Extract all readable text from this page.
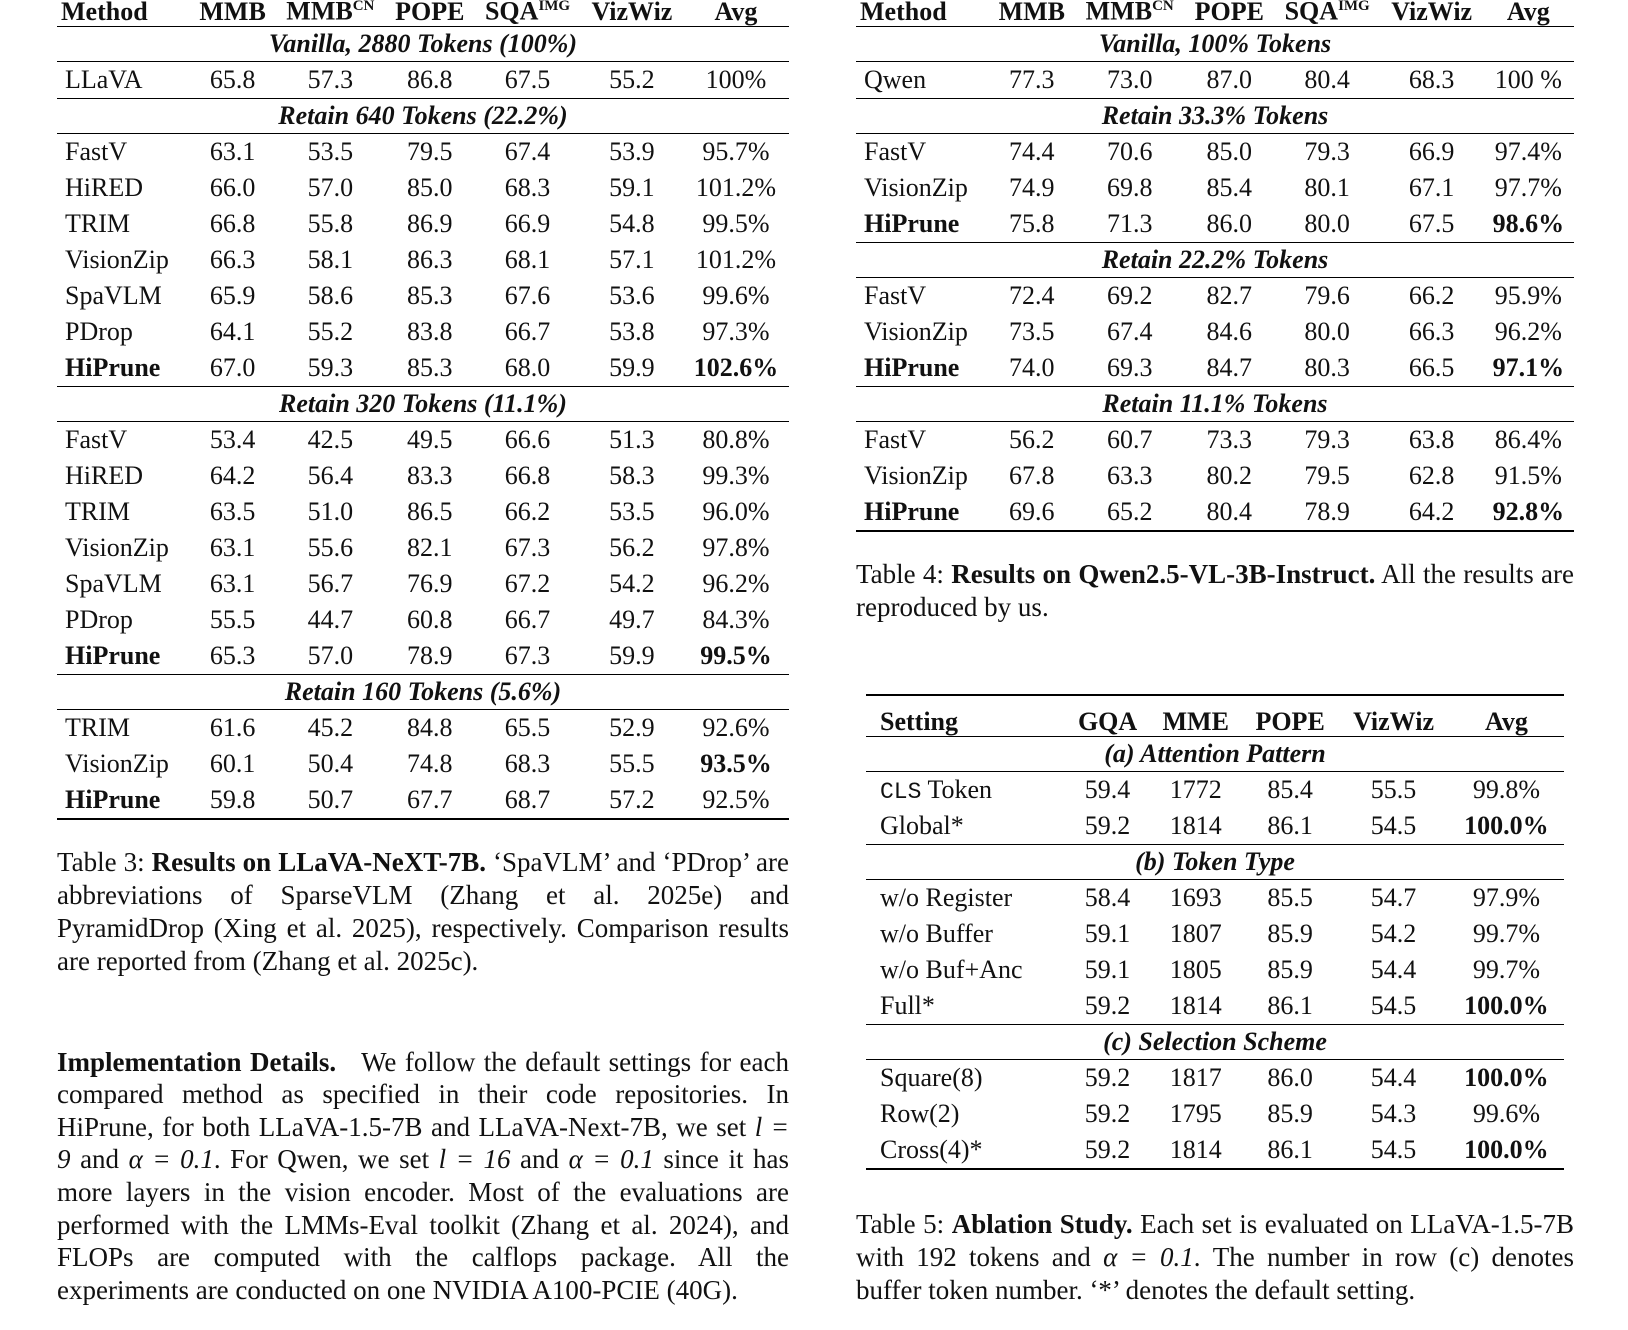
Method	MMB	$MMB^{CN}$	POPE	$SQA^{IMG}$	VizWiz	Avg
Vanilla, 2880 Tokens (100%)						
LLaVA	65.8	57.3	86.8	67.5	55.2	100%
Retain 640 Tokens (22.2%)						
FastV	63.1	53.5	79.5	67.4	53.9	95.7%
HiRED	66.0	57.0	85.0	68.3	59.1	101.2%
TRIM	66.8	55.8	86.9	66.9	54.8	99.5%
VisionZip	66.3	58.1	86.3	68.1	57.1	101.2%
SpaVLM	65.9	58.6	85.3	67.6	53.6	99.6%
PDrop	64.1	55.2	83.8	66.7	53.8	97.3%
HiPrune	67.0	59.3	85.3	68.0	59.9	102.6%
Retain 320 Tokens (11.1%)						
FastV	53.4	42.5	49.5	66.6	51.3	80.8%
HiRED	64.2	56.4	83.3	66.8	58.3	99.3%
TRIM	63.5	51.0	86.5	66.2	53.5	96.0%
VisionZip	63.1	55.6	82.1	67.3	56.2	97.8%
SpaVLM	63.1	56.7	76.9	67.2	54.2	96.2%
PDrop	55.5	44.7	60.8	66.7	49.7	84.3%
HiPrune	65.3	57.0	78.9	67.3	59.9	99.5%
Retain 160 Tokens (5.6%)						
TRIM	61.6	45.2	84.8	65.5	52.9	92.6%
VisionZip	60.1	50.4	74.8	68.3	55.5	93.5%
HiPrune	59.8	50.7	67.7	68.7	57.2	92.5%
Table 3: Results on LLaVA-NeXT-7B. ‘SpaVLM’ and ‘PDrop’ are abbreviations of SparseVLM (Zhang et al. 2025e) and PyramidDrop (Xing et al. 2025), respectively. Comparison results are reported from (Zhang et al. 2025c).
Implementation Details. We follow the default settings for each compared method as specified in their code repositories. In HiPrune, for both LLaVA-1.5-7B and LLaVA-Next-7B, we set l = 9 and α = 0.1. For Qwen, we set l = 16 and α = 0.1 since it has more layers in the vision encoder. Most of the evaluations are performed with the LMMs-Eval toolkit (Zhang et al. 2024), and FLOPs are computed with the calflops package. All the experiments are conducted on one NVIDIA A100-PCIE (40G).
Method	MMB	$MMB^{CN}$	POPE	$SQA^{IMG}$	VizWiz	Avg
Vanilla, 100% Tokens						
Qwen	77.3	73.0	87.0	80.4	68.3	100 %
Retain 33.3% Tokens						
FastV	74.4	70.6	85.0	79.3	66.9	97.4%
VisionZip	74.9	69.8	85.4	80.1	67.1	97.7%
HiPrune	75.8	71.3	86.0	80.0	67.5	98.6%
Retain 22.2% Tokens						
FastV	72.4	69.2	82.7	79.6	66.2	95.9%
VisionZip	73.5	67.4	84.6	80.0	66.3	96.2%
HiPrune	74.0	69.3	84.7	80.3	66.5	97.1%
Retain 11.1% Tokens						
FastV	56.2	60.7	73.3	79.3	63.8	86.4%
VisionZip	67.8	63.3	80.2	79.5	62.8	91.5%
HiPrune	69.6	65.2	80.4	78.9	64.2	92.8%
Table 4: Results on Qwen2.5-VL-3B-Instruct. All the results are reproduced by us.
Setting	GQA	MME	POPE	VizWiz	Avg
(a) Attention Pattern					
CLS Token	59.4	1772	85.4	55.5	99.8%
Global*	59.2	1814	86.1	54.5	100.0%
(b) Token Type					
w/o Register	58.4	1693	85.5	54.7	97.9%
w/o Buffer	59.1	1807	85.9	54.2	99.7%
w/o Buf+Anc	59.1	1805	85.9	54.4	99.7%
Full*	59.2	1814	86.1	54.5	100.0%
(c) Selection Scheme					
Square(8)	59.2	1817	86.0	54.4	100.0%
Row(2)	59.2	1795	85.9	54.3	99.6%
Cross(4)*	59.2	1814	86.1	54.5	100.0%
Table 5: Ablation Study. Each set is evaluated on LLaVA-1.5-7B with 192 tokens and α = 0.1. The number in row (c) denotes buffer token number. ‘*’ denotes the default setting.
